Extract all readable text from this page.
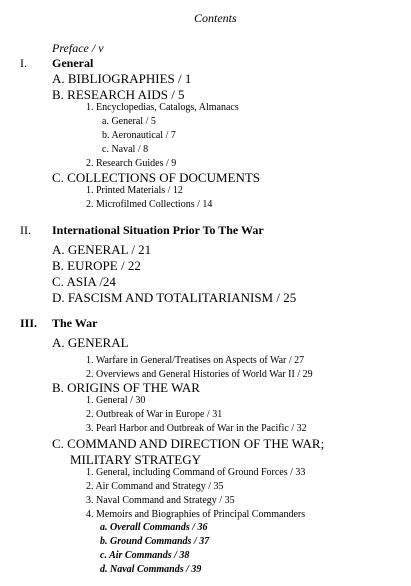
Contents
Preface / v
I. General
A. BIBLIOGRAPHIES / 1
B. RESEARCH AIDS / 5
1. Encyclopedias, Catalogs, Almanacs
a. General / 5
b. Aeronautical / 7
c. Naval / 8
2. Research Guides / 9
C. COLLECTIONS OF DOCUMENTS
1. Printed Materials / 12
2. Microfilmed Collections / 14
II. International Situation Prior To The War
A. GENERAL / 21
B. EUROPE / 22
C. ASIA /24
D. FASCISM AND TOTALITARIANISM / 25
III. The War
A. GENERAL
1. Warfare in General/Treatises on Aspects of War / 27
2. Overviews and General Histories of World War II / 29
B. ORIGINS OF THE WAR
1. General / 30
2. Outbreak of War in Europe / 31
3. Pearl Harbor and Outbreak of War in the Pacific / 32
C. COMMAND AND DIRECTION OF THE WAR;
MILITARY STRATEGY
1. General, including Command of Ground Forces / 33
2. Air Command and Strategy / 35
3. Naval Command and Strategy / 35
4. Memoirs and Biographies of Principal Commanders
a. Overall Commands / 36
b. Ground Commands / 37
c. Air Commands / 38
d. Naval Commands / 39
